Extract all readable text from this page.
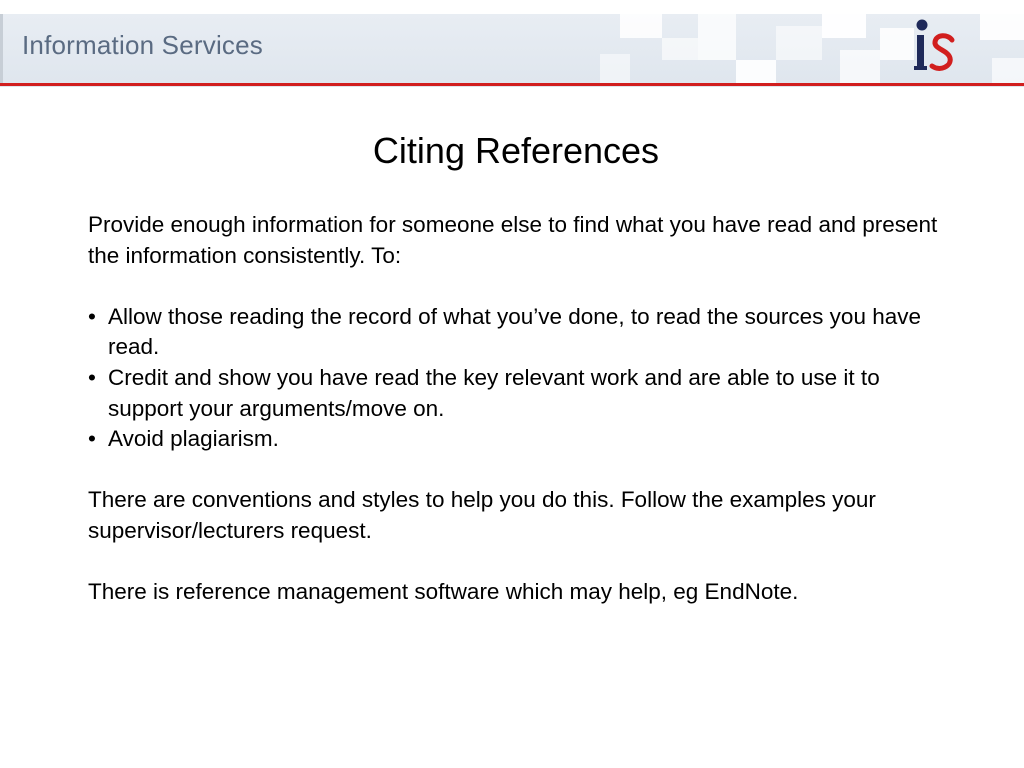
Information Services
Citing References

Provide enough information for someone else to find what you have read and present the information consistently. To:

• Allow those reading the record of what you’ve done, to read the sources you have read.
• Credit and show you have read the key relevant work and are able to use it to support your arguments/move on.
• Avoid plagiarism.

There are conventions and styles to help you do this. Follow the examples your supervisor/lecturers request.

There is reference management software which may help, eg EndNote.
